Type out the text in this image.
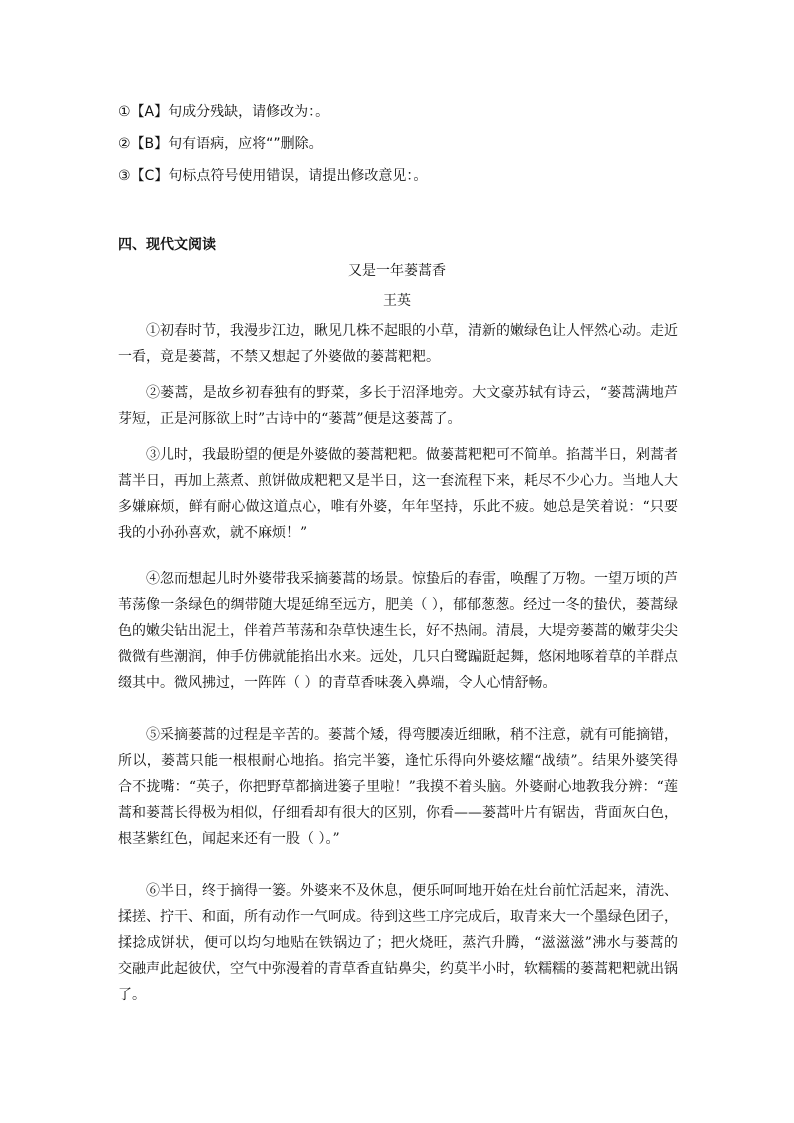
①【A】句成分残缺，请修改为：。
②【B】句有语病，应将“”删除。
③【C】句标点符号使用错误，请提出修改意见：。
四、现代文阅读
又是一年蒌蒿香
王英
①初春时节，我漫步江边，瞅见几株不起眼的小草，清新的嫩绿色让人怦然心动。走近一看，竟是蒌蒿，不禁又想起了外婆做的蒌蒿粑粑。
②蒌蒿，是故乡初春独有的野菜，多长于沼泽地旁。大文豪苏轼有诗云，“蒌蒿满地芦芽短，正是河豚欲上时”古诗中的“蒌蒿”便是这蒌蒿了。
③儿时，我最盼望的便是外婆做的蒌蒿粑粑。做蒌蒿粑粑可不简单。掐蒿半日，剁蒿者蒿半日，再加上蒸煮、煎饼做成粑粑又是半日，这一套流程下来，耗尽不少心力。当地人大多嫌麻烦，鲜有耐心做这道点心，唯有外婆，年年坚持，乐此不疲。她总是笑着说：“只要我的小孙孙喜欢，就不麻烦！”
④忽而想起儿时外婆带我采摘蒌蒿的场景。惊蛰后的春雷，唤醒了万物。一望万顷的芦苇荡像一条绿色的绸带随大堤延绵至远方，肥美（ ），郁郁葱葱。经过一冬的蛰伏，蒌蒿绿色的嫩尖钻出泥土，伴着芦苇荡和杂草快速生长，好不热闹。清晨，大堤旁蒌蒿的嫩芽尖尖微微有些潮润，伸手仿佛就能掐出水来。远处，几只白鹭蹁跹起舞，悠闲地啄着草的羊群点缀其中。微风拂过，一阵阵（ ）的青草香味袭入鼻端，令人心情舒畅。
⑤采摘蒌蒿的过程是辛苦的。蒌蒿个矮，得弯腰凑近细瞅，稍不注意，就有可能摘错，所以，蒌蒿只能一根根耐心地掐。掐完半篓，逢忙乐得向外婆炫耀“战绩”。结果外婆笑得合不拢嘴：“英子，你把野草都摘进篓子里啦！”我摸不着头脑。外婆耐心地教我分辨：“莲蒿和蒌蒿长得极为相似，仔细看却有很大的区别，你看——蒌蒿叶片有锯齿，背面灰白色，根茎紫红色，闻起来还有一股（ ）。”
⑥半日，终于摘得一篓。外婆来不及休息，便乐呵呵地开始在灶台前忙活起来，清洗、揉搓、拧干、和面，所有动作一气呵成。待到这些工序完成后，取青来大一个墨绿色团子，揉捻成饼状，便可以均匀地贴在铁锅边了；把火烧旺，蒸汽升腾，“滋滋滋”沸水与蒌蒿的交融声此起彼伏，空气中弥漫着的青草香直钻鼻尖，约莫半小时，软糯糯的蒌蒿粑粑就出锅了。
